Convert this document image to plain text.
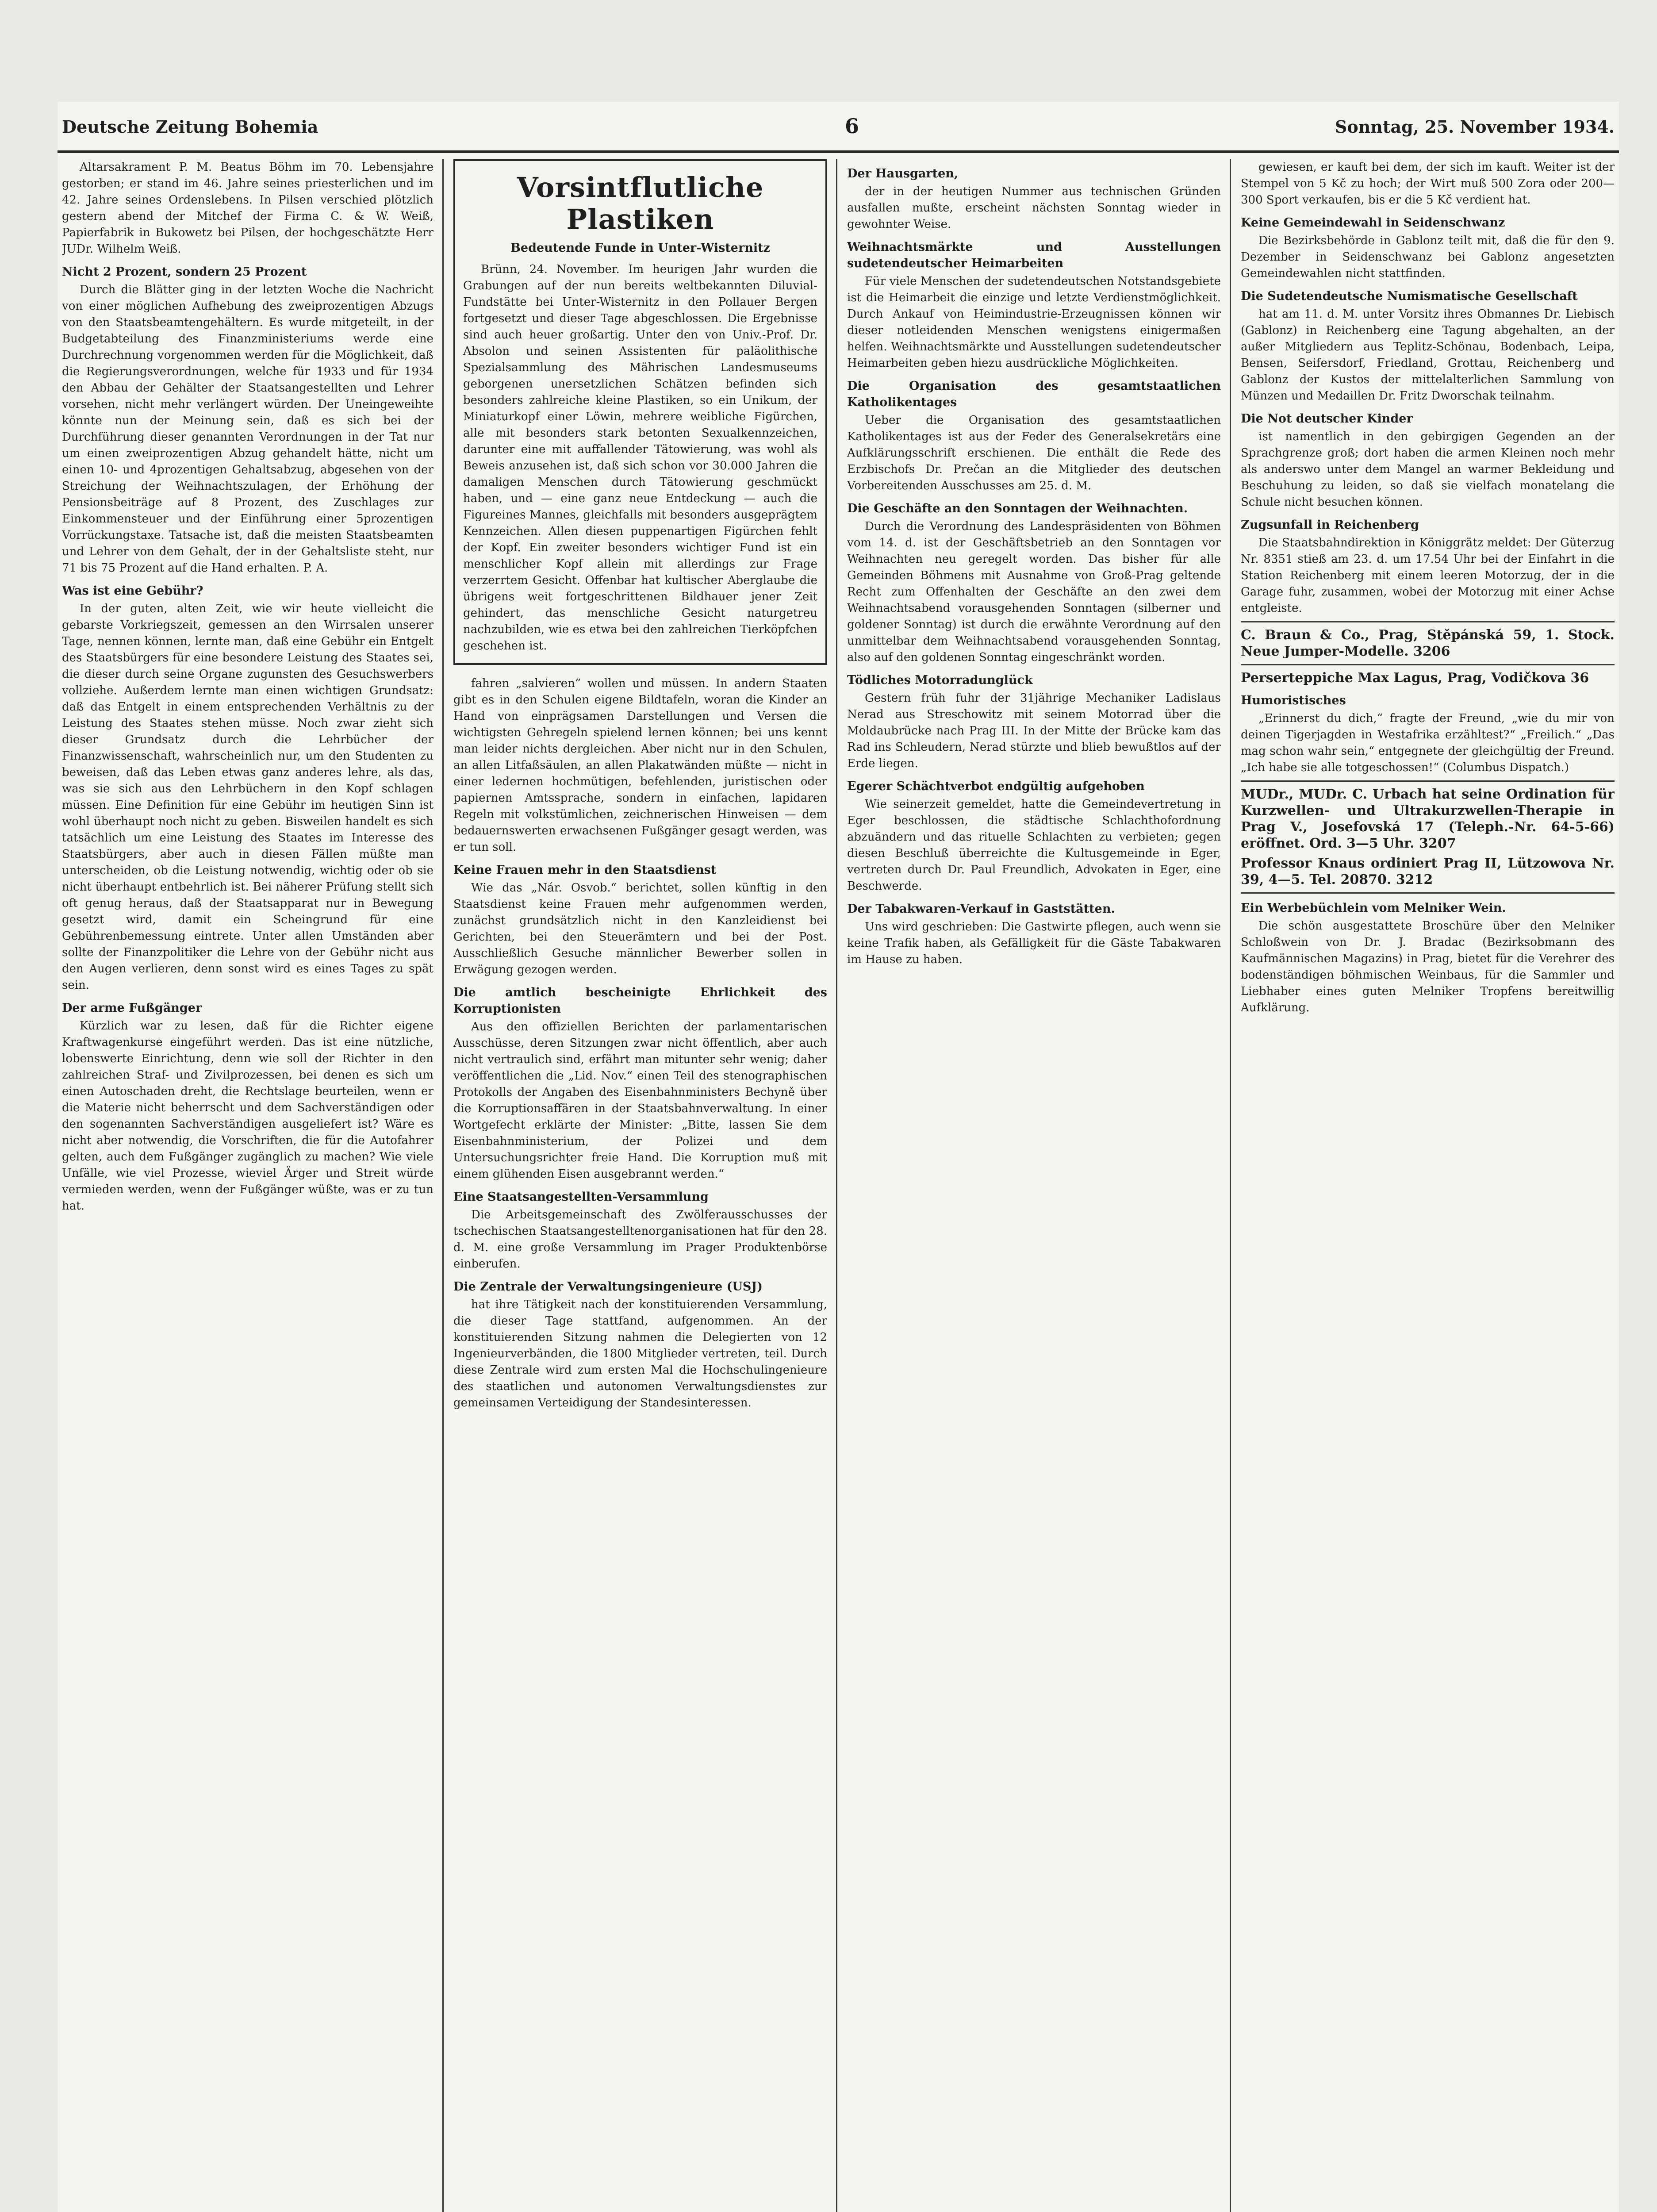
Deutsche Zeitung Bohemia	6	Sonntag, 25. November 1934.

Altarsakrament P. M. Beatus Böhm im 70. Lebensjahre gestorben; er stand im 46. Jahre seines priesterlichen und im 42. Jahre seines Ordenslebens. In Pilsen verschied plötzlich gestern abend der Mitchef der Firma C. & W. Weiß, Papierfabrik in Bukowetz bei Pilsen, der hochgeschätzte Herr JUDr. Wilhelm Weiß.

Nicht 2 Prozent, sondern 25 Prozent

Durch die Blätter ging in der letzten Woche die Nachricht von einer möglichen Aufhebung des zweiprozentigen Abzugs von den Staatsbeamtengehältern. Es wurde mitgeteilt, in der Budgetabteilung des Finanzministeriums werde eine Durchrechnung vorgenommen werden für die Möglichkeit, daß die Regierungsverordnungen, welche für 1933 und für 1934 den Abbau der Gehälter der Staatsangestellten und Lehrer vorsehen, nicht mehr verlängert würden. Der Uneingeweihte könnte nun der Meinung sein, daß es sich bei der Durchführung dieser genannten Verordnungen in der Tat nur um einen zweiprozentigen Abzug gehandelt hätte, nicht um einen 10- und 4prozentigen Gehaltsabzug, abgesehen von der Streichung der Weihnachtszulagen, der Erhöhung der Pensionsbeiträge auf 8 Prozent, des Zuschlages zur Einkommensteuer und der Einführung einer 5prozentigen Vorrückungstaxe. Tatsache ist, daß die meisten Staatsbeamten und Lehrer von dem Gehalt, der in der Gehaltsliste steht, nur 71 bis 75 Prozent auf die Hand erhalten. P. A.

Was ist eine Gebühr?

In der guten, alten Zeit, wie wir heute vielleicht die gebarste Vorkriegszeit, gemessen an den Wirrsalen unserer Tage, nennen können, lernte man, daß eine Gebühr ein Entgelt des Staatsbürgers für eine besondere Leistung des Staates sei, die dieser durch seine Organe zugunsten des Gesuchswerbers vollziehe. Außerdem lernte man einen wichtigen Grundsatz: daß das Entgelt in einem entsprechenden Verhältnis zu der Leistung des Staates stehen müsse. Noch zwar zieht sich dieser Grundsatz durch die Lehrbücher der Finanzwissenschaft, wahrscheinlich nur, um den Studenten zu beweisen, daß das Leben etwas ganz anderes lehre, als das, was sie sich aus den Lehrbüchern in den Kopf schlagen müssen. Eine Definition für eine Gebühr im heutigen Sinn ist wohl überhaupt noch nicht zu geben. Bisweilen handelt es sich tatsächlich um eine Leistung des Staates im Interesse des Staatsbürgers, aber auch in diesen Fällen müßte man unterscheiden, ob die Leistung notwendig, wichtig oder ob sie nicht überhaupt entbehrlich ist. Bei näherer Prüfung stellt sich oft genug heraus, daß der Staatsapparat nur in Bewegung gesetzt wird, damit ein Scheingrund für eine Gebührenbemessung eintrete. Unter allen Umständen aber sollte der Finanzpolitiker die Lehre von der Gebühr nicht aus den Augen verlieren, denn sonst wird es eines Tages zu spät sein.

Der arme Fußgänger

Kürzlich war zu lesen, daß für die Richter eigene Kraftwagenkurse eingeführt werden. Das ist eine nützliche, lobenswerte Einrichtung, denn wie soll der Richter in den zahlreichen Straf- und Zivilprozessen, bei denen es sich um einen Autoschaden dreht, die Rechtslage beurteilen, wenn er die Materie nicht beherrscht und dem Sachverständigen oder den sogenannten Sachverständigen ausgeliefert ist? Wäre es nicht aber notwendig, die Vorschriften, die für die Autofahrer gelten, auch dem Fußgänger zugänglich zu machen? Wie viele Unfälle, wie viel Prozesse, wieviel Ärger und Streit würde vermieden werden, wenn der Fußgänger wüßte, was er zu tun hat.

Vorsintflutliche Plastiken
Bedeutende Funde in Unter-Wisternitz

Brünn, 24. November. Im heurigen Jahr wurden die Grabungen auf der nun bereits weltbekannten Diluvial-Fundstätte bei Unter-Wisternitz in den Pollauer Bergen fortgesetzt und dieser Tage abgeschlossen. Die Ergebnisse sind auch heuer großartig. Unter den von Univ.-Prof. Dr. Absolon und seinen Assistenten für paläolithische Spezialsammlung des Mährischen Landesmuseums geborgenen unersetzlichen Schätzen befinden sich besonders zahlreiche kleine Plastiken, so ein Unikum, der Miniaturkopf einer Löwin, mehrere weibliche Figürchen, alle mit besonders stark betonten Sexualkennzeichen, darunter eine mit auffallender Tätowierung, was wohl als Beweis anzusehen ist, daß sich schon vor 30.000 Jahren die damaligen Menschen durch Tätowierung geschmückt haben, und — eine ganz neue Entdeckung — auch die Figureines Mannes, gleichfalls mit besonders ausgeprägtem Kennzeichen. Allen diesen puppenartigen Figürchen fehlt der Kopf. Ein zweiter besonders wichtiger Fund ist ein menschlicher Kopf allein mit allerdings zur Frage verzerrtem Gesicht. Offenbar hat kultischer Aberglaube die übrigens weit fortgeschrittenen Bildhauer jener Zeit gehindert, das menschliche Gesicht naturgetreu nachzubilden, wie es etwa bei den zahlreichen Tierköpfchen geschehen ist.

fahren „salvieren“ wollen und müssen. In andern Staaten gibt es in den Schulen eigene Bildtafeln, woran die Kinder an Hand von einprägsamen Darstellungen und Versen die wichtigsten Gehregeln spielend lernen können; bei uns kennt man leider nichts dergleichen. Aber nicht nur in den Schulen, an allen Litfaßsäulen, an allen Plakatwänden müßte — nicht in einer ledernen hochmütigen, befehlenden, juristischen oder papiernen Amtssprache, sondern in einfachen, lapidaren Regeln mit volkstümlichen, zeichnerischen Hinweisen — dem bedauernswerten erwachsenen Fußgänger gesagt werden, was er tun soll.

Keine Frauen mehr in den Staatsdienst

Wie das „Nár. Osvob.“ berichtet, sollen künftig in den Staatsdienst keine Frauen mehr aufgenommen werden, zunächst grundsätzlich nicht in den Kanzleidienst bei Gerichten, bei den Steuerämtern und bei der Post. Ausschließlich Gesuche männlicher Bewerber sollen in Erwägung gezogen werden.

Die amtlich bescheinigte Ehrlichkeit des Korruptionisten

Aus den offiziellen Berichten der parlamentarischen Ausschüsse, deren Sitzungen zwar nicht öffentlich, aber auch nicht vertraulich sind, erfährt man mitunter sehr wenig; daher veröffentlichen die „Lid. Nov.“ einen Teil des stenographischen Protokolls der Angaben des Eisenbahnministers Bechyně über die Korruptionsaffären in der Staatsbahnverwaltung. In einer Wortgefecht erklärte der Minister: „Bitte, lassen Sie dem Eisenbahnministerium, der Polizei und dem Untersuchungsrichter freie Hand. Die Korruption muß mit einem glühenden Eisen ausgebrannt werden.“

Eine Staatsangestellten-Versammlung

Die Arbeitsgemeinschaft des Zwölferausschusses der tschechischen Staatsangestelltenorganisationen hat für den 28. d. M. eine große Versammlung im Prager Produktenbörse einberufen.

Die Zentrale der Verwaltungsingenieure (USJ)

hat ihre Tätigkeit nach der konstituierenden Versammlung, die dieser Tage stattfand, aufgenommen. An der konstituierenden Sitzung nahmen die Delegierten von 12 Ingenieurverbänden, die 1800 Mitglieder vertreten, teil. Durch diese Zentrale wird zum ersten Mal die Hochschulingenieure des staatlichen und autonomen Verwaltungsdienstes zur gemeinsamen Verteidigung der Standesinteressen.

Der Hausgarten,

der in der heutigen Nummer aus technischen Gründen ausfallen mußte, erscheint nächsten Sonntag wieder in gewohnter Weise.

Weihnachtsmärkte und Ausstellungen sudetendeutscher Heimarbeiten

Für viele Menschen der sudetendeutschen Notstandsgebiete ist die Heimarbeit die einzige und letzte Verdienstmöglichkeit. Durch Ankauf von Heimindustrie-Erzeugnissen können wir dieser notleidenden Menschen wenigstens einigermaßen helfen. Weihnachtsmärkte und Ausstellungen sudetendeutscher Heimarbeiten geben hiezu ausdrückliche Möglichkeiten.

Die Organisation des gesamtstaatlichen Katholikentages

Ueber die Organisation des gesamtstaatlichen Katholikentages ist aus der Feder des Generalsekretärs eine Aufklärungsschrift erschienen. Die enthält die Rede des Erzbischofs Dr. Prečan an die Mitglieder des deutschen Vorbereitenden Ausschusses am 25. d. M.

Die Geschäfte an den Sonntagen der Weihnachten.

Durch die Verordnung des Landespräsidenten von Böhmen vom 14. d. ist der Geschäftsbetrieb an den Sonntagen vor Weihnachten neu geregelt worden. Das bisher für alle Gemeinden Böhmens mit Ausnahme von Groß-Prag geltende Recht zum Offenhalten der Geschäfte an den zwei dem Weihnachtsabend vorausgehenden Sonntagen (silberner und goldener Sonntag) ist durch die erwähnte Verordnung auf den unmittelbar dem Weihnachtsabend vorausgehenden Sonntag, also auf den goldenen Sonntag eingeschränkt worden.

Tödliches Motorradunglück

Gestern früh fuhr der 31jährige Mechaniker Ladislaus Nerad aus Streschowitz mit seinem Motorrad über die Moldaubrücke nach Prag III. In der Mitte der Brücke kam das Rad ins Schleudern, Nerad stürzte und blieb bewußtlos auf der Erde liegen.

Egerer Schächtverbot endgültig aufgehoben

Wie seinerzeit gemeldet, hatte die Gemeindevertretung in Eger beschlossen, die städtische Schlachthofordnung abzuändern und das rituelle Schlachten zu verbieten; gegen diesen Beschluß überreichte die Kultusgemeinde in Eger, vertreten durch Dr. Paul Freundlich, Advokaten in Eger, eine Beschwerde.

Der Tabakwaren-Verkauf in Gaststätten.

Uns wird geschrieben: Die Gastwirte pflegen, auch wenn sie keine Trafik haben, als Gefälligkeit für die Gäste Tabakwaren im Hause zu haben.

gewiesen, er kauft bei dem, der sich im kauft. Weiter ist der Stempel von 5 Kč zu hoch; der Wirt muß 500 Zora oder 200—300 Sport verkaufen, bis er die 5 Kč verdient hat.

Keine Gemeindewahl in Seidenschwanz

Die Bezirksbehörde in Gablonz teilt mit, daß die für den 9. Dezember in Seidenschwanz bei Gablonz angesetzten Gemeindewahlen nicht stattfinden.

Die Sudetendeutsche Numismatische Gesellschaft

hat am 11. d. M. unter Vorsitz ihres Obmannes Dr. Liebisch (Gablonz) in Reichenberg eine Tagung abgehalten, an der außer Mitgliedern aus Teplitz-Schönau, Bodenbach, Leipa, Bensen, Seifersdorf, Friedland, Grottau, Reichenberg und Gablonz der Kustos der mittelalterlichen Sammlung von Münzen und Medaillen Dr. Fritz Dworschak teilnahm.

Die Not deutscher Kinder

ist namentlich in den gebirgigen Gegenden an der Sprachgrenze groß; dort haben die armen Kleinen noch mehr als anderswo unter dem Mangel an warmer Bekleidung und Beschuhung zu leiden, so daß sie vielfach monatelang die Schule nicht besuchen können.

Zugsunfall in Reichenberg

Die Staatsbahndirektion in Königgrätz meldet: Der Güterzug Nr. 8351 stieß am 23. d. um 17.54 Uhr bei der Einfahrt in die Station Reichenberg mit einem leeren Motorzug, der in die Garage fuhr, zusammen, wobei der Motorzug mit einer Achse entgleiste.

C. Braun & Co., Prag, Stěpánská 59, 1. Stock. Neue Jumper-Modelle. 3206
Perserteppiche Max Lagus, Prag, Vodičkova 36
Humoristisches

„Erinnerst du dich,“ fragte der Freund, „wie du mir von deinen Tigerjagden in Westafrika erzähltest?“ „Freilich.“ „Das mag schon wahr sein,“ entgegnete der gleichgültig der Freund. „Ich habe sie alle totgeschossen!“ (Columbus Dispatch.)

MUDr., MUDr. C. Urbach hat seine Ordination für Kurzwellen- und Ultrakurzwellen-Therapie in Prag V., Josefovská 17 (Teleph.-Nr. 64-5-66) eröffnet. Ord. 3—5 Uhr. 3207
Professor Knaus ordiniert Prag II, Lützowova Nr. 39, 4—5. Tel. 20870. 3212
Ein Werbebüchlein vom Melniker Wein.

Die schön ausgestattete Broschüre über den Melniker Schloßwein von Dr. J. Bradac (Bezirksobmann des Kaufmännischen Magazins) in Prag, bietet für die Verehrer des bodenständigen böhmischen Weinbaus, für die Sammler und Liebhaber eines guten Melniker Tropfens bereitwillig Aufklärung.
